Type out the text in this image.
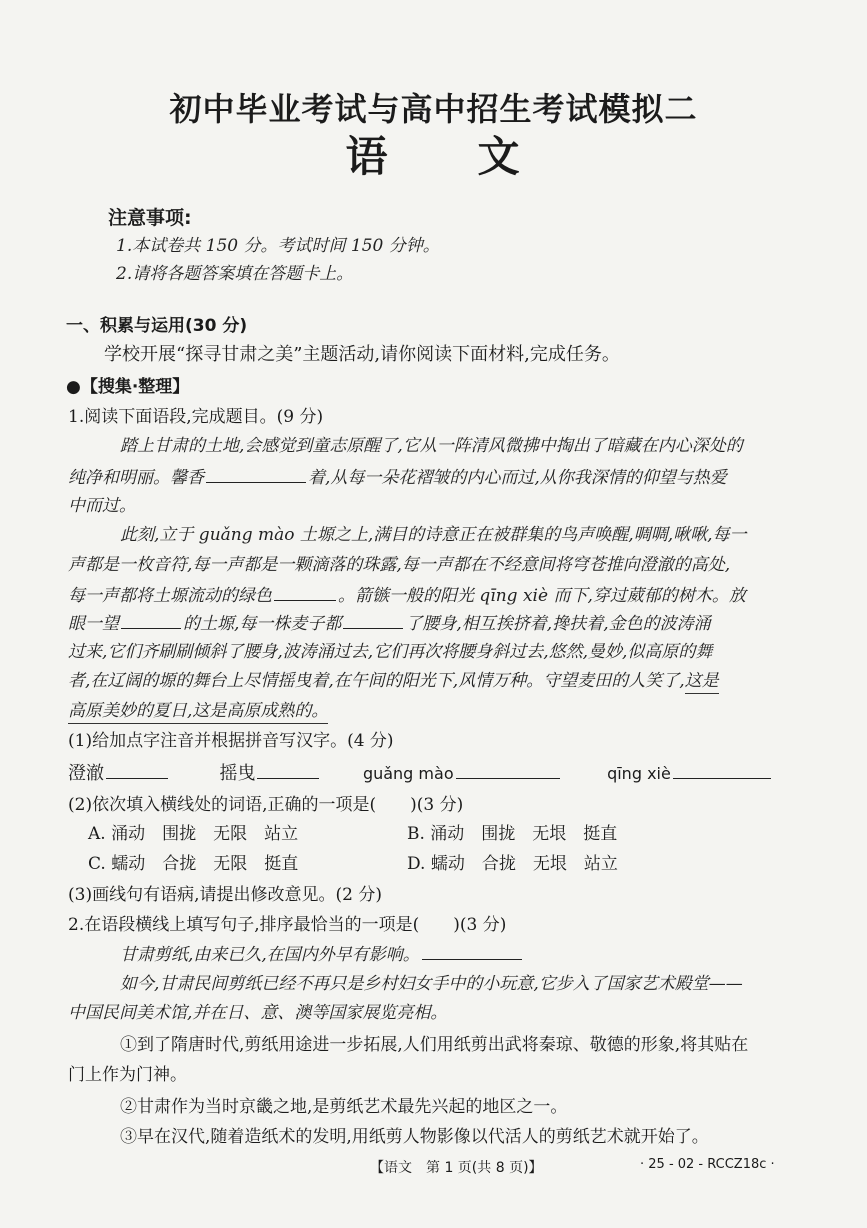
初中毕业考试与高中招生考试模拟二
语　　文
注意事项:
1.本试卷共 150 分。考试时间 150 分钟。
2.请将各题答案填在答题卡上。
一、积累与运用(30 分)
学校开展“探寻甘肃之美”主题活动,请你阅读下面材料,完成任务。
●【搜集·整理】
1.阅读下面语段,完成题目。(9 分)
踏上甘肃的土地,会感觉到童志原醒了,它从一阵清风微拂中掏出了暗藏在内心深处的
纯净和明丽。馨香	着,从每一朵花褶皱的内心而过,从你我深情的仰望与热爱
中而过。
此刻,立于 guǎng mào 土塬之上,满目的诗意正在被群集的鸟声唤醒,啁啁,啾啾,每一
声都是一枚音符,每一声都是一颗滴落的珠露,每一声都在不经意间将穹苍推向澄澈的高处,
每一声都将土塬流动的绿色	。箭镞一般的阳光 qīng xiè 而下,穿过葳郁的树木。放
眼一望	的土塬,每一株麦子都	了腰身,相互挨挤着,搀扶着,金色的波涛涌
过来,它们齐刷刷倾斜了腰身,波涛涌过去,它们再次将腰身斜过去,悠然,曼妙,似高原的舞
者,在辽阔的塬的舞台上尽情摇曳着,在午间的阳光下,风情万种。守望麦田的人笑了,这是
高原美妙的夏日,这是高原成熟的。
(1)给加点字注音并根据拼音写汉字。(4 分)
澄澈	摇曳	guǎng mào	qīng xiè
(2)依次填入横线处的词语,正确的一项是(　　)(3 分)
A. 涌动　围拢　无限　站立	B. 涌动　围拢　无垠　挺直
C. 蠕动　合拢　无限　挺直	D. 蠕动　合拢　无垠　站立
(3)画线句有语病,请提出修改意见。(2 分)
2.在语段横线上填写句子,排序最恰当的一项是(　　)(3 分)
甘肃剪纸,由来已久,在国内外早有影响。
如今,甘肃民间剪纸已经不再只是乡村妇女手中的小玩意,它步入了国家艺术殿堂——
中国民间美术馆,并在日、意、澳等国家展览亮相。
①到了隋唐时代,剪纸用途进一步拓展,人们用纸剪出武将秦琼、敬德的形象,将其贴在
门上作为门神。
②甘肃作为当时京畿之地,是剪纸艺术最先兴起的地区之一。
③早在汉代,随着造纸术的发明,用纸剪人物影像以代活人的剪纸艺术就开始了。
【语文　第 1 页(共 8 页)】	· 25 - 02 - RCCZ18c ·
